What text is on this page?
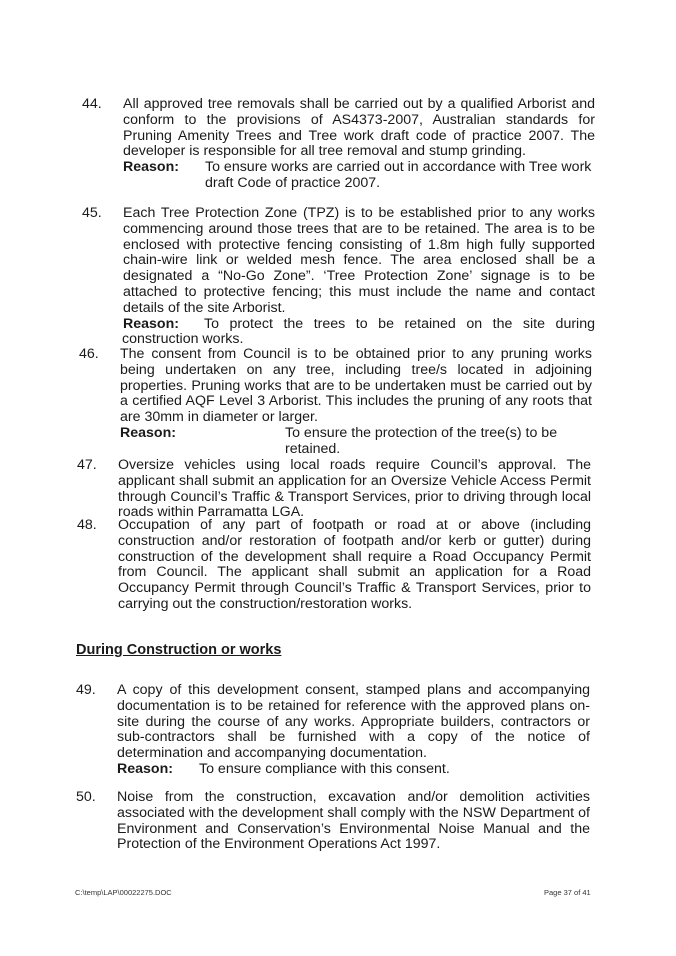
44. All approved tree removals shall be carried out by a qualified Arborist and conform to the provisions of AS4373-2007, Australian standards for Pruning Amenity Trees and Tree work draft code of practice 2007. The developer is responsible for all tree removal and stump grinding.
Reason: To ensure works are carried out in accordance with Tree work draft Code of practice 2007.
45. Each Tree Protection Zone (TPZ) is to be established prior to any works commencing around those trees that are to be retained. The area is to be enclosed with protective fencing consisting of 1.8m high fully supported chain-wire link or welded mesh fence. The area enclosed shall be a designated a “No-Go Zone”. ‘Tree Protection Zone’ signage is to be attached to protective fencing; this must include the name and contact details of the site Arborist.
Reason:	To protect the trees to be retained on the site during construction works.
46. The consent from Council is to be obtained prior to any pruning works being undertaken on any tree, including tree/s located in adjoining properties. Pruning works that are to be undertaken must be carried out by a certified AQF Level 3 Arborist. This includes the pruning of any roots that are 30mm in diameter or larger.
Reason:	To ensure the protection of the tree(s) to be retained.
47. Oversize vehicles using local roads require Council’s approval. The applicant shall submit an application for an Oversize Vehicle Access Permit through Council’s Traffic & Transport Services, prior to driving through local roads within Parramatta LGA.
48. Occupation of any part of footpath or road at or above (including construction and/or restoration of footpath and/or kerb or gutter) during construction of the development shall require a Road Occupancy Permit from Council. The applicant shall submit an application for a Road Occupancy Permit through Council’s Traffic & Transport Services, prior to carrying out the construction/restoration works.
During Construction or works
49. A copy of this development consent, stamped plans and accompanying documentation is to be retained for reference with the approved plans on-site during the course of any works. Appropriate builders, contractors or sub-contractors shall be furnished with a copy of the notice of determination and accompanying documentation.
Reason: To ensure compliance with this consent.
50. Noise from the construction, excavation and/or demolition activities associated with the development shall comply with the NSW Department of Environment and Conservation’s Environmental Noise Manual and the Protection of the Environment Operations Act 1997.
C:\temp\LAP\00022275.DOC	Page 37 of 41
